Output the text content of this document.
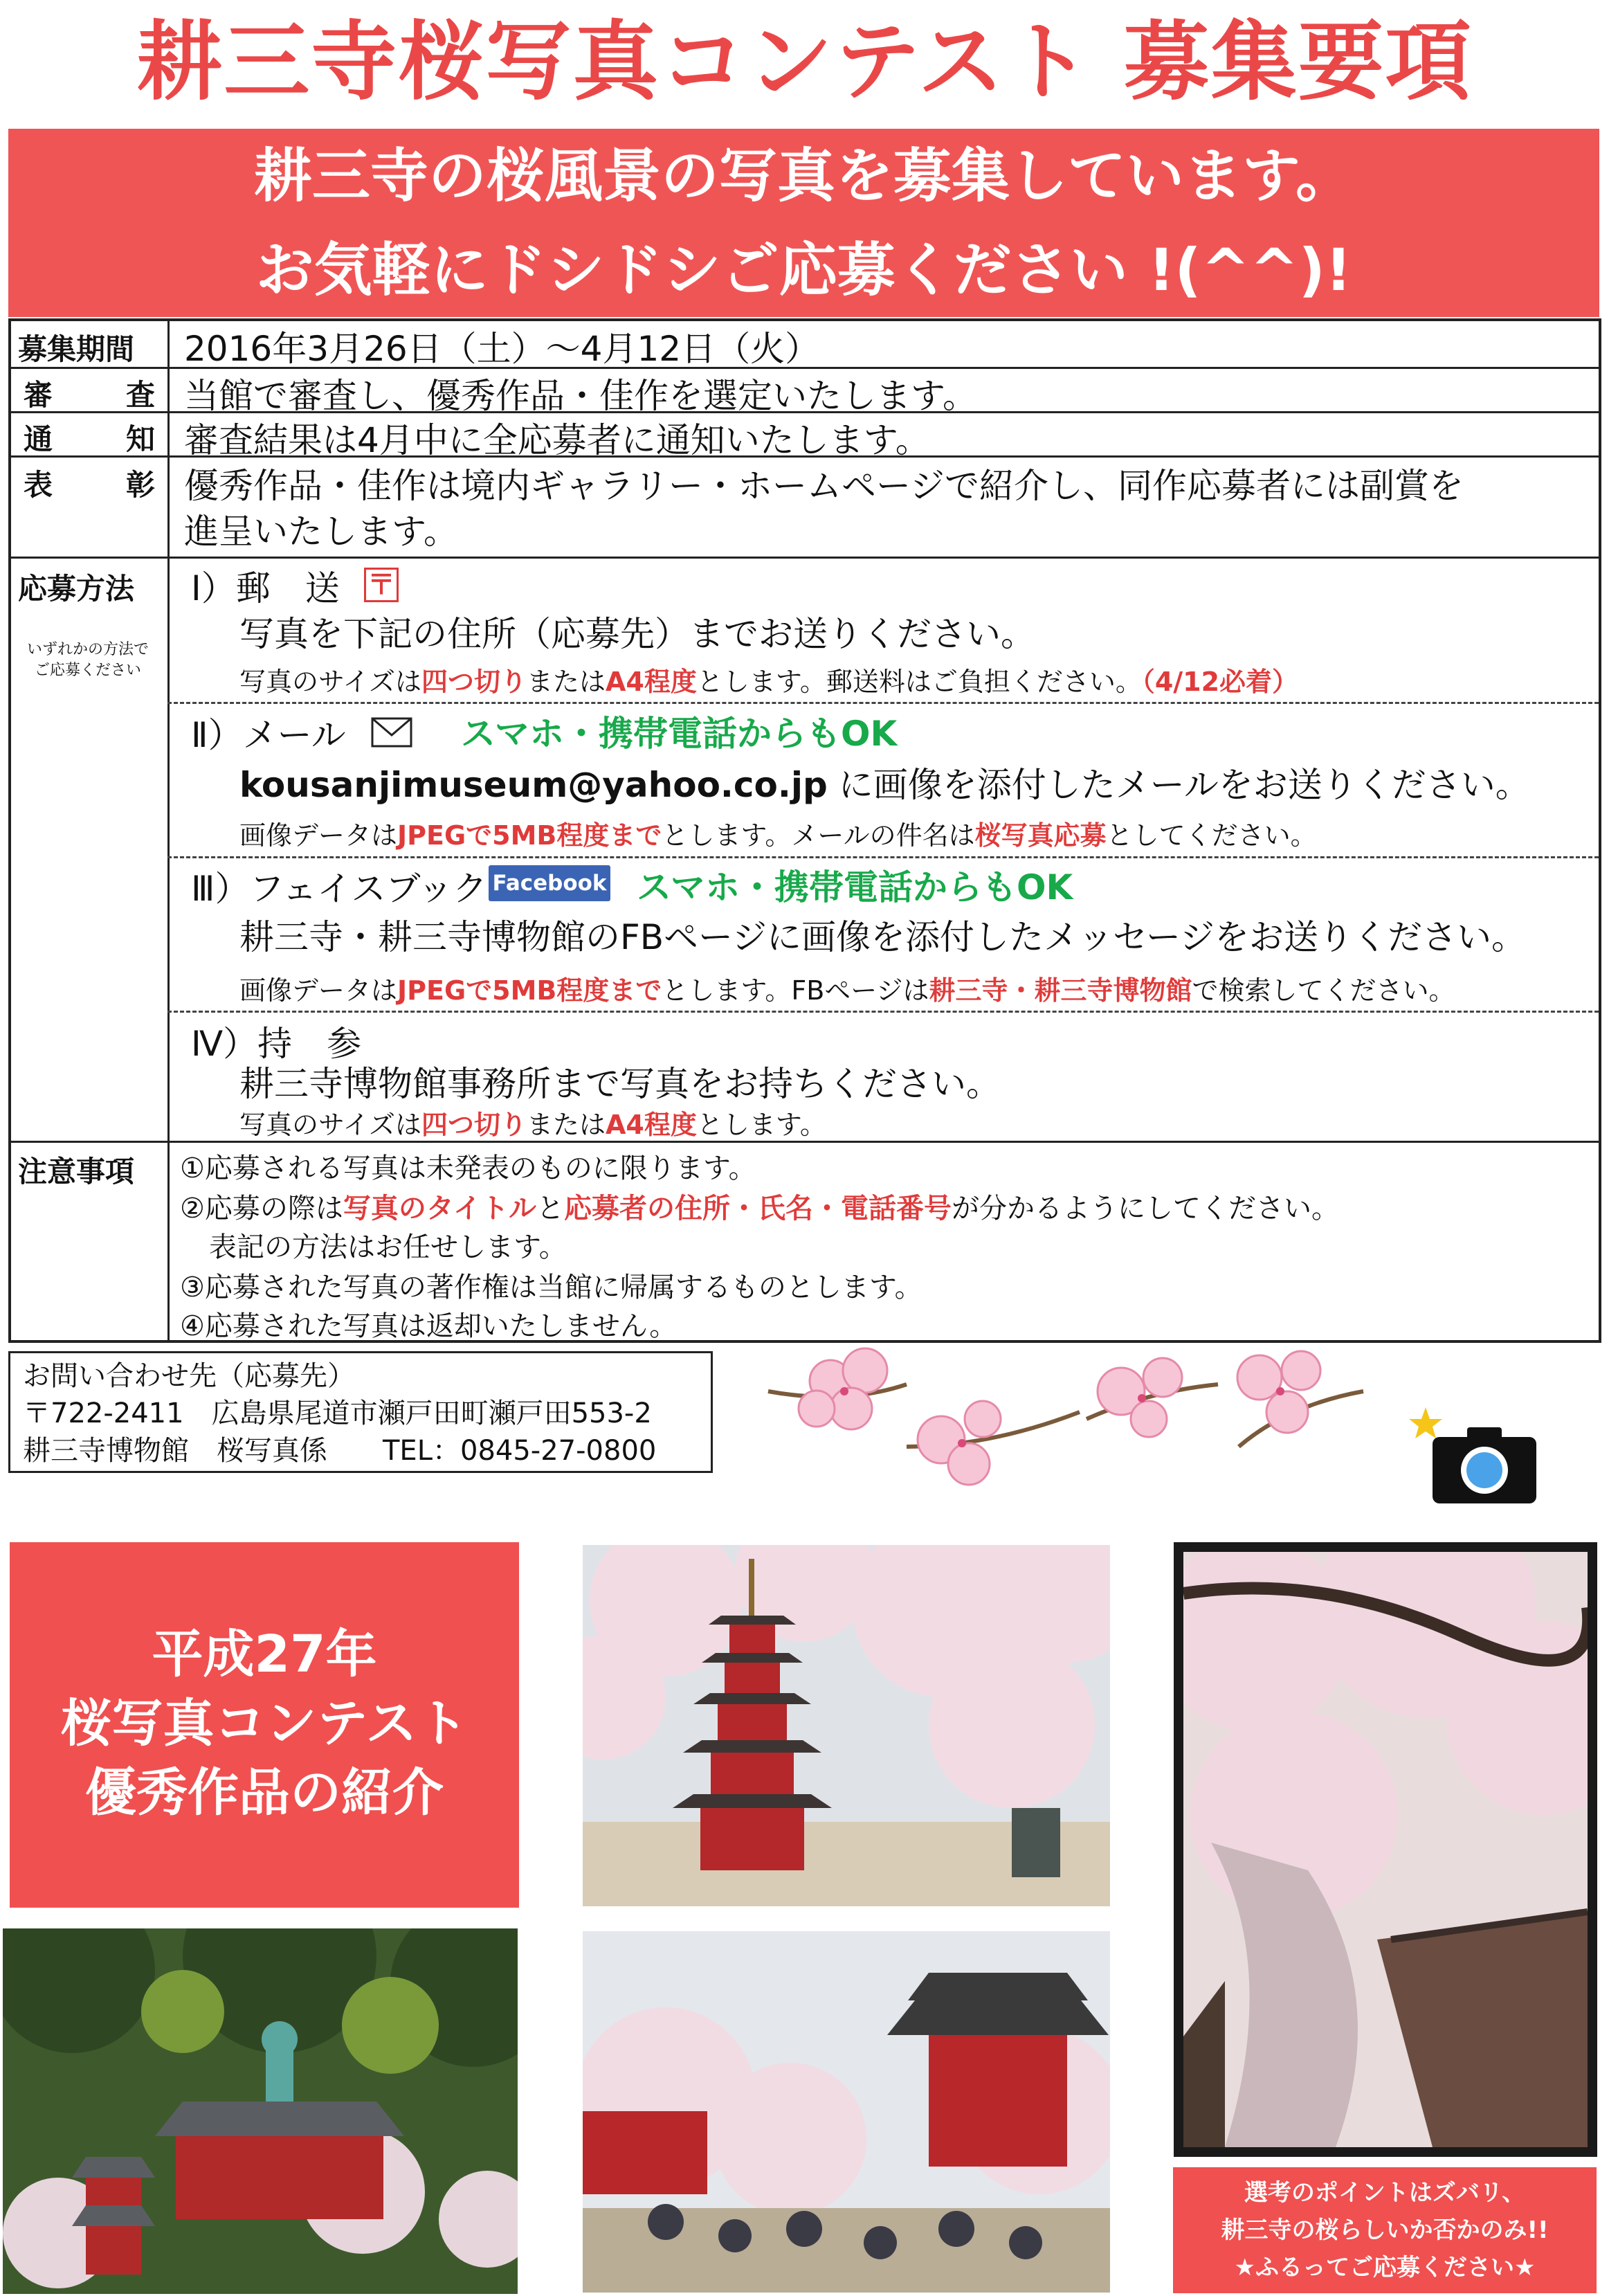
耕三寺桜写真コンテスト 募集要項
耕三寺の桜風景の写真を募集しています。
お気軽にドシドシご応募ください !(^^)!
募集期間	2016年3月26日（土）～4月12日（火）
審	査 当館で審査し、優秀作品・佳作を選定いたします。
通	知 審査結果は4月中に全応募者に通知いたします。
表	彰 優秀作品・佳作は境内ギャラリー・ホームページで紹介し、同作応募者には副賞を
進呈いたします。
応募方法
いずれかの方法でご応募ください
Ⅰ）郵　送 〒
写真を下記の住所（応募先）までお送りください。
写真のサイズは四つ切りまたはA4程度とします。郵送料はご負担ください。（4/12必着）
Ⅱ）メール	スマホ・携帯電話からもOK
kousanjimuseum@yahoo.co.jp に画像を添付したメールをお送りください。
画像データはJPEGで5MB程度までとします。メールの件名は桜写真応募としてください。
Ⅲ）フェイスブック Facebook スマホ・携帯電話からもOK
耕三寺・耕三寺博物館のFBページに画像を添付したメッセージをお送りください。
画像データはJPEGで5MB程度までとします。FBページは耕三寺・耕三寺博物館で検索してください。
Ⅳ）持　参
耕三寺博物館事務所まで写真をお持ちください。
写真のサイズは四つ切りまたはA4程度とします。
注意事項	①応募される写真は未発表のものに限ります。
②応募の際は写真のタイトルと応募者の住所・氏名・電話番号が分かるようにしてください。
表記の方法はお任せします。
③応募された写真の著作権は当館に帰属するものとします。
④応募された写真は返却いたしません。
お問い合わせ先（応募先）
〒722-2411　広島県尾道市瀬戸田町瀬戸田553-2
耕三寺博物館　桜写真係　　TEL：0845-27-0800
平成27年
桜写真コンテスト
優秀作品の紹介
選考のポイントはズバリ、
耕三寺の桜らしいか否かのみ!!
★ふるってご応募ください★
